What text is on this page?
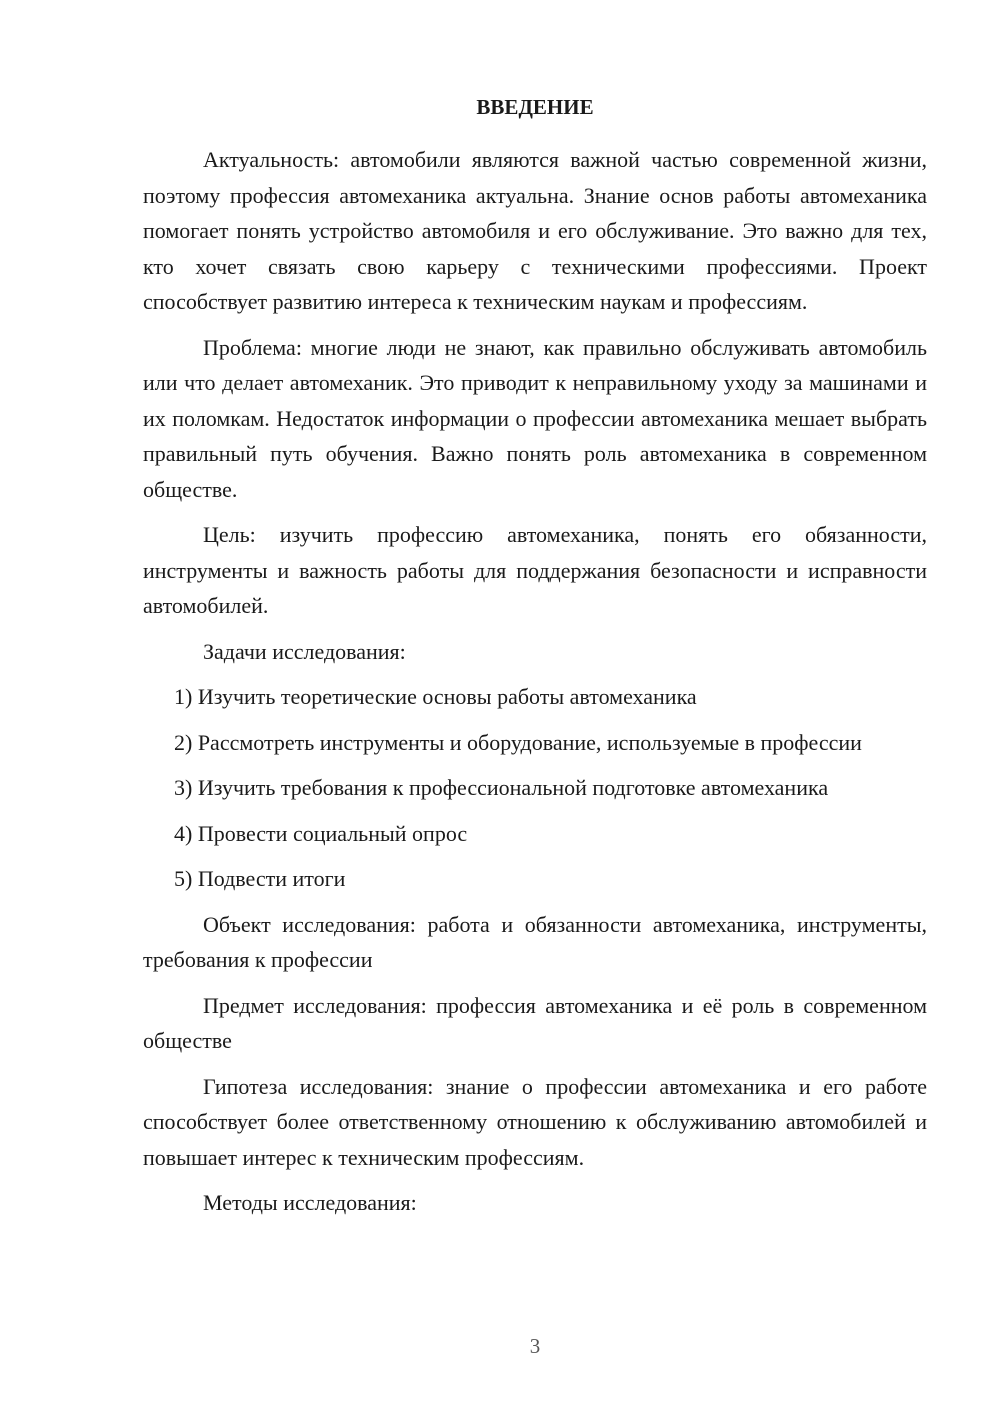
ВВЕДЕНИЕ

Актуальность: автомобили являются важной частью современной жизни, поэтому профессия автомеханика актуальна. Знание основ работы автомеханика помогает понять устройство автомобиля и его обслуживание. Это важно для тех, кто хочет связать свою карьеру с техническими профессиями. Проект способствует развитию интереса к техническим наукам и профессиям.

Проблема: многие люди не знают, как правильно обслуживать автомобиль или что делает автомеханик. Это приводит к неправильному уходу за машинами и их поломкам. Недостаток информации о профессии автомеханика мешает выбрать правильный путь обучения. Важно понять роль автомеханика в современном обществе.

Цель: изучить профессию автомеханика, понять его обязанности, инструменты и важность работы для поддержания безопасности и исправности автомобилей.

Задачи исследования:

1) Изучить теоретические основы работы автомеханика

2) Рассмотреть инструменты и оборудование, используемые в профессии

3) Изучить требования к профессиональной подготовке автомеханика

4) Провести социальный опрос

5) Подвести итоги

Объект исследования: работа и обязанности автомеханика, инструменты, требования к профессии

Предмет исследования: профессия автомеханика и её роль в современном обществе

Гипотеза исследования: знание о профессии автомеханика и его работе способствует более ответственному отношению к обслуживанию автомобилей и повышает интерес к техническим профессиям.

Методы исследования:

3
